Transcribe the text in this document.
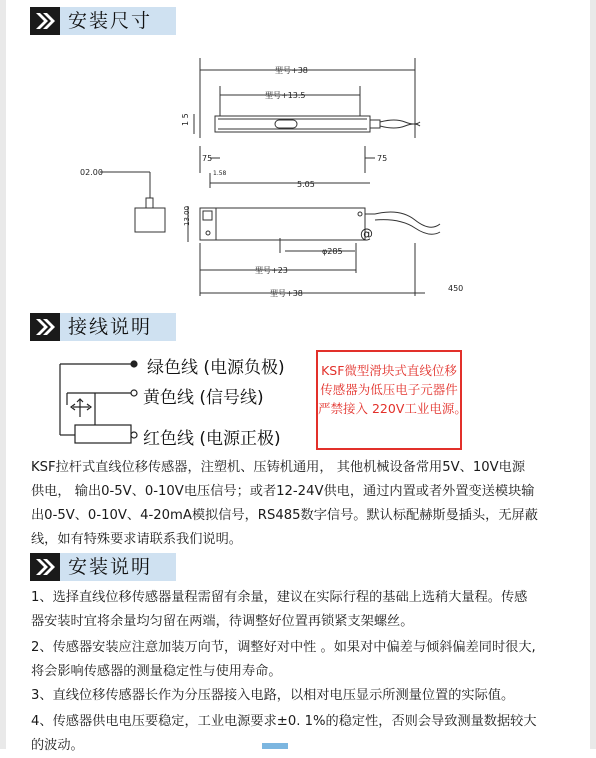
安装尺寸
型号+38
型号+13.5
1 5
75	75
1.58
5.05
02.00
13.00
φ285
型号+23
型号+38
450
@
接线说明
绿色线 (电源负极)
黄色线 (信号线)
红色线 (电源正极)
KSF微型滑块式直线位移
传感器为低压电子元器件
严禁接入 220V工业电源。
KSF拉杆式直线位移传感器，注塑机、压铸机通用， 其他机械设备常用5V、10V电源
供电， 输出0-5V、0-10V电压信号；或者12-24V供电，通过内置或者外置变送模块输
出0-5V、0-10V、4-20mA模拟信号，RS485数字信号。默认标配赫斯曼插头，无屏蔽
线，如有特殊要求请联系我们说明。
安装说明
1、选择直线位移传感器量程需留有余量，建议在实际行程的基础上选稍大量程。传感
器安装时宜将余量均匀留在两端，待调整好位置再锁紧支架螺丝。
2、传感器安装应注意加装万向节，调整好对中性 。如果对中偏差与倾斜偏差同时很大,
将会影响传感器的测量稳定性与使用寿命。
3、直线位移传感器长作为分压器接入电路，以相对电压显示所测量位置的实际值。
4、传感器供电电压要稳定，工业电源要求±0. 1%的稳定性，否则会导致测量数据较大
的波动。
